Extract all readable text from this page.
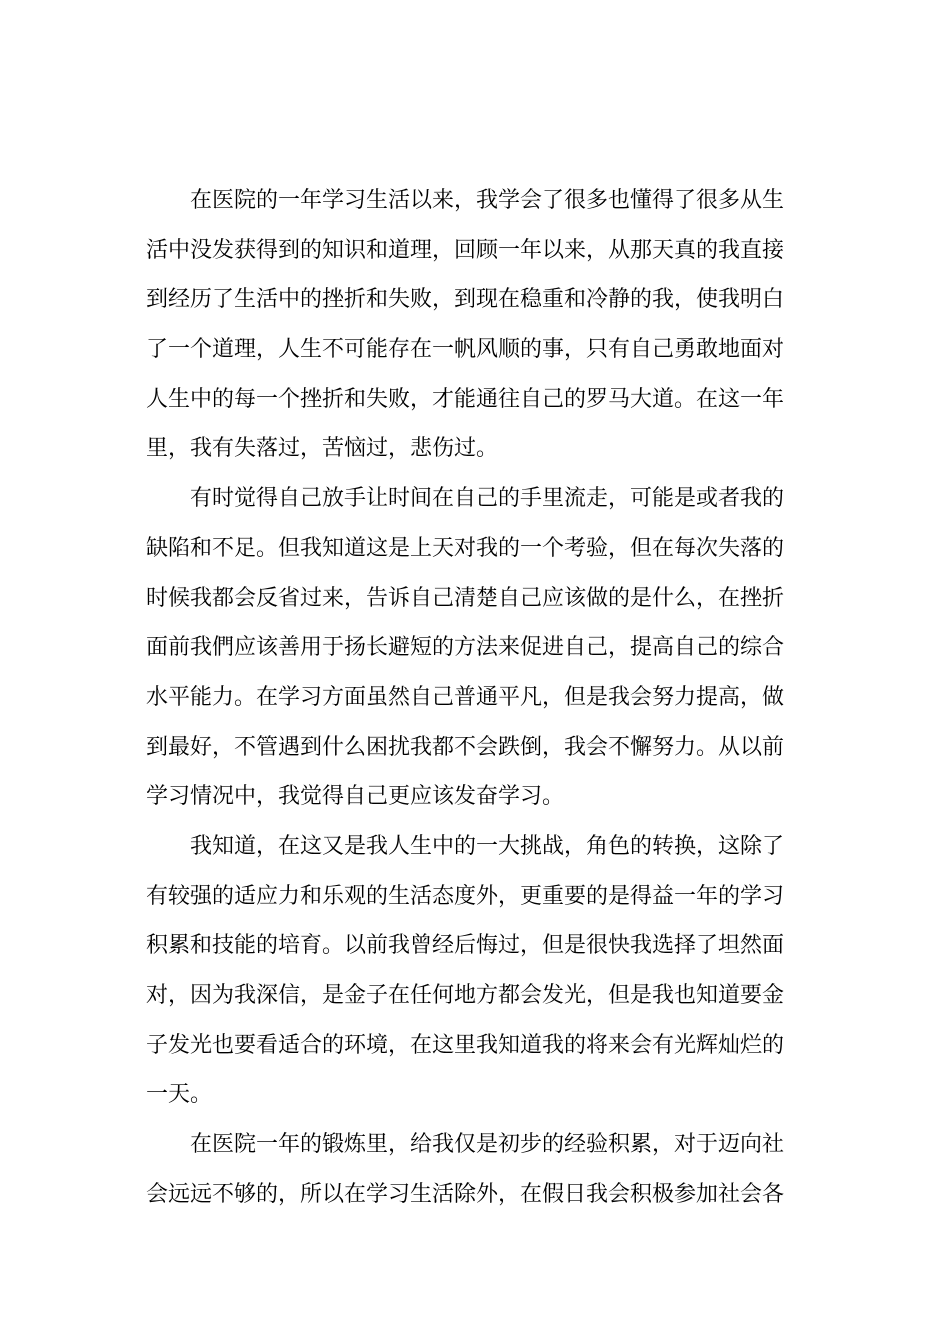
在医院的一年学习生活以来，我学会了很多也懂得了很多从生
活中没发获得到的知识和道理，回顾一年以来，从那天真的我直接
到经历了生活中的挫折和失败，到现在稳重和冷静的我，使我明白
了一个道理，人生不可能存在一帆风顺的事，只有自己勇敢地面对
人生中的每一个挫折和失败，才能通往自己的罗马大道。在这一年
里，我有失落过，苦恼过，悲伤过。

有时觉得自己放手让时间在自己的手里流走，可能是或者我的
缺陷和不足。但我知道这是上天对我的一个考验，但在每次失落的
时候我都会反省过来，告诉自己清楚自己应该做的是什么，在挫折
面前我們应该善用于扬长避短的方法来促进自己，提高自己的综合
水平能力。在学习方面虽然自己普通平凡，但是我会努力提高，做
到最好，不管遇到什么困扰我都不会跌倒，我会不懈努力。从以前
学习情况中，我觉得自己更应该发奋学习。

我知道，在这又是我人生中的一大挑战，角色的转换，这除了
有较强的适应力和乐观的生活态度外，更重要的是得益一年的学习
积累和技能的培育。以前我曾经后悔过，但是很快我选择了坦然面
对，因为我深信，是金子在任何地方都会发光，但是我也知道要金
子发光也要看适合的环境，在这里我知道我的将来会有光辉灿烂的
一天。

在医院一年的锻炼里，给我仅是初步的经验积累，对于迈向社
会远远不够的，所以在学习生活除外，在假日我会积极参加社会各
